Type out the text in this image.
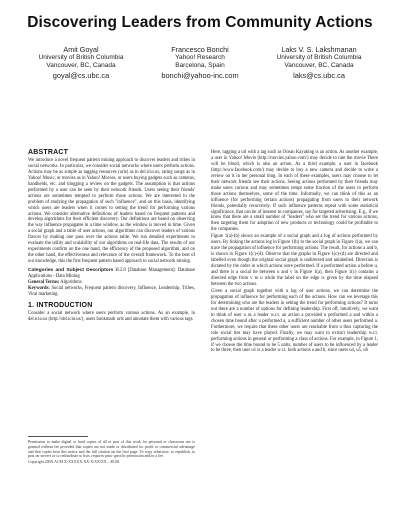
Discovering Leaders from Community Actions
Amit Goyal
University of British Columbia
Vancouver, BC, Canada
goyal@cs.ubc.ca
Francesco Bonchi
Yahoo! Research
Barcelona, Spain
bonchi@yahoo-inc.com
Laks V. S. Lakshmanan
University of British Columbia
Vancouver, BC, Canada
laks@cs.ubc.ca
ABSTRACT

We introduce a novel frequent pattern mining approach to discover leaders and tribes in social networks. In particular, we consider social networks where users perform actions. Actions may be as simple as tagging resources (urls) as in del.icio.us, rating songs as in Yahoo! Music, or movies as in Yahoo! Movies, or users buying gadgets such as cameras, handhelds, etc. and blogging a review on the gadgets. The assumption is that actions performed by a user can be seen by their network friends. Users seeing their friends' actions are sometimes tempted to perform those actions. We are interested in the problem of studying the propagation of such "influence", and on this basis, identifying which users are leaders when it comes to setting the trend for performing various actions. We consider alternative definitions of leaders based on frequent patterns and develop algorithms for their efficient discovery. Our definitions are based on observing the way influence propagates in a time window, as the window is moved in time. Given a social graph and a table of user actions, our algorithms can discover leaders of various flavors by making one pass over the actions table. We run detailed experiments to evaluate the utility and scalability of our algorithms on real-life data. The results of our experiments confirm on the one hand, the efficiency of the proposed algorithm, and on the other hand, the effectiveness and relevance of the overall framework. To the best of our knowledge, this the first frequent pattern based approach to social network mining.

Categories and Subject Descriptors H.2.8 [Database Management]: Database Applications - Data Mining
General Terms: Algorithms
Keywords: Social networks, Frequent pattern discovery, Influence, Leadership, Tribes, Viral marketing.
1. INTRODUCTION

Consider a social network where users perform various actions. As an example, in del.icio.us (http://del.icio.us/), users bookmark urls and annotate them with various tags.

Permission to make digital or hard copies of all or part of this work for personal or classroom use is granted without fee provided that copies are not made or distributed for profit or commercial advantage and that copies bear this notice and the full citation on the first page. To copy otherwise, to republish, to post on servers or to redistribute to lists, requires prior specific permission and/or a fee.
Copyright 200X ACM X-XXXXX-XX-X/XX/XX ...$5.00.

Here, tagging a url with a tag such as Ocean Kayaking is an action. As another example, a user in Yahoo! Movie (http://movies.yahoo.com/) may decide to rate the movie There will be blood, which is also an action. As a third example, a user in facebook (http://www.facebook.com/) may decide to buy a new camera and decide to write a review on it in her personal blog. In each of these examples, users may choose to let their network friends see their actions. Seeing actions performed by their friends may make users curious and may sometimes tempt some fraction of the users to perform those actions themselves, some of the time. Informally, we can think of this as an influence (for performing certain actions) propagating from users to their network friends, potentially recursively. If such influence patterns repeat with some statistical significance, that can be of interest to companies, say for targeted advertising. E.g., if we know that there are a small number of "leaders" who set the trend for various actions, then targeting them for adoption of new products or technology could be profitable to the companies.

Figure 1(a)-(b) shows an example of a social graph and a log of actions performed by users. By linking the actions log in Figure 1(b) to the social graph in Figure 1(a), we can trace the propagation of influence for performing actions. The result, for actions a and b, is shown in Figure 1(c)-(d). Observe that the graphs in Figure 1(c)-(d) are directed and labelled even though the original social graph is undirected and unlabelled. Direction is dictated by the order in which actions were performed. If a performed action a before u, and there is a social tie between u and v in Figure 1(a), then Figure 1(c) contains a directed edge from v to u while the label on the edge is given by the time elapsed between the two actions.

Given a social graph together with a log of user actions, we can determine the propagation of influence for performing each of the actions. How can we leverage this for determining who are the leaders in setting the trend for performing actions? It turns out there are a number of options for defining leadership. First off, intuitively, we want to think of user u as a leader w.r.t. an action a provided u performed a and within a chosen time bound after u performed a, a sufficient number of other users performed a. Furthermore, we require that these other users are reachable from u thus capturing the role social ties may have played. Finally, we may want to extract leadership w.r.t. performing actions in general or performing a class of actions. For example, in Figure 1, if we choose the time bound to be 5 units, number of users to be influenced by a leader to be three, then user u1 is a leader w.r.t. both actions a and b, since users u4, u5, u6
